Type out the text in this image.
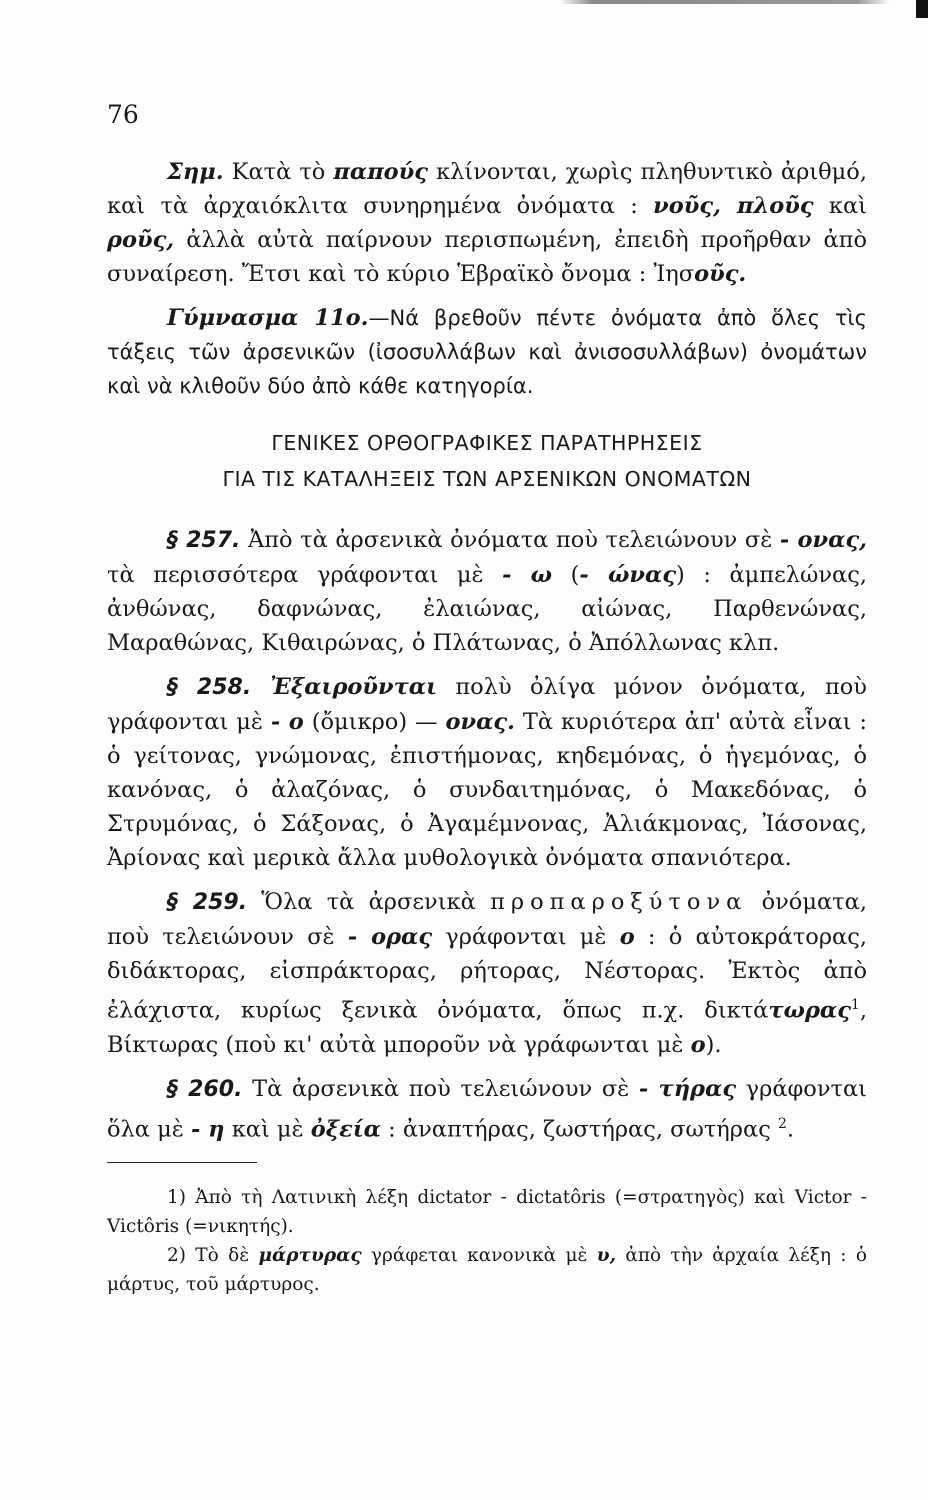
76

Σημ. Κατὰ τὸ παπούς κλίνονται, χωρὶς πληθυντικὸ ἀριθμό, καὶ τὰ ἀρχαιόκλιτα συνηρημένα ὀνόματα : νοῦς, πλοῦς καὶ ρoῦς, ἀλλὰ αὐτὰ παίρνουν περισπωμένη, ἐπειδὴ προῆρθαν ἀπὸ συναίρεση. Ἔτσι καὶ τὸ κύριο Ἑβραϊκὸ ὄνομα : Ἰησοῦς.

Γύμνασμα 11ο.—Νά βρεθοῦν πέντε ὀνόματα ἀπὸ ὅλες τὶς τάξεις τῶν ἀρσενικῶν (ἰσοσυλλάβων καὶ ἀνισοσυλλάβων) ὀνομάτων καὶ νὰ κλιθοῦν δύο ἀπὸ κάθε κατηγορία.

ΓΕΝΙΚΕΣ ΟΡΘΟΓΡΑΦΙΚΕΣ ΠΑΡΑΤΗΡΗΣΕΙΣ
ΓΙΑ ΤΙΣ ΚΑΤΑΛΗΞΕΙΣ ΤΩΝ ΑΡΣΕΝΙΚΩΝ ΟΝΟΜΑΤΩΝ

§ 257. Ἀπὸ τὰ ἀρσενικὰ ὀνόματα ποὺ τελειώνουν σὲ - ονας, τὰ περισσότερα γράφονται μὲ - ω (- ώνας) : ἀμπελώνας, ἀνθώνας, δαφνώνας, ἐλαιώνας, αἰώνας, Παρθενώνας, Μαραθώνας, Κιθαιρώνας, ὁ Πλάτωνας, ὁ Ἀπόλλωνας κλπ.

§ 258. Ἐξαιροῦνται πολὺ ὀλίγα μόνον ὀνόματα, ποὺ γράφονται μὲ - ο (ὄμικρο) — ονας. Τὰ κυριότερα ἀπ' αὐτὰ εἶναι : ὁ γείτονας, γνώμονας, ἐπιστήμονας, κηδεμόνας, ὁ ἡγεμόνας, ὁ κανόνας, ὁ ἀλαζόνας, ὁ συνδαιτημόνας, ὁ Μακεδόνας, ὁ Στρυμόνας, ὁ Σάξονας, ὁ Ἀγαμέμνονας, Ἀλιάκμονας, Ἰάσονας, Ἀρίονας καὶ μερικὰ ἄλλα μυθολογικὰ ὀνόματα σπανιότερα.

§ 259. Ὅλα τὰ ἀρσενικὰ προπαροξύτονα ὀνόματα, ποὺ τελειώνουν σὲ - ορας γράφονται μὲ ο : ὁ αὐτοκράτορας, διδάκτορας, εἰσπράκτορας, ρήτορας, Νέστορας. Ἐκτὸς ἀπὸ ἐλάχιστα, κυρίως ξενικὰ ὀνόματα, ὅπως π.χ. δικτάτωρας$^1$, Βίκτωρας (ποὺ κι' αὐτὰ μποροῦν νὰ γράφωνται μὲ ο).

§ 260. Τὰ ἀρσενικὰ ποὺ τελειώνουν σὲ - τήρας γράφονται ὅλα μὲ - η καὶ μὲ ὀξεία : ἀναπτήρας, ζωστήρας, σωτήρας $^2$.

1) Ἀπὸ τὴ Λατινικὴ λέξη dictator - dictatôris (=στρατηγὸς) καὶ Victor - Victôris (=νικητής).

2) Τὸ δὲ μάρτυρας γράφεται κανονικὰ μὲ υ, ἀπὸ τὴν ἀρχαία λέξη : ὁ μάρτυς, τοῦ μάρτυρος.
